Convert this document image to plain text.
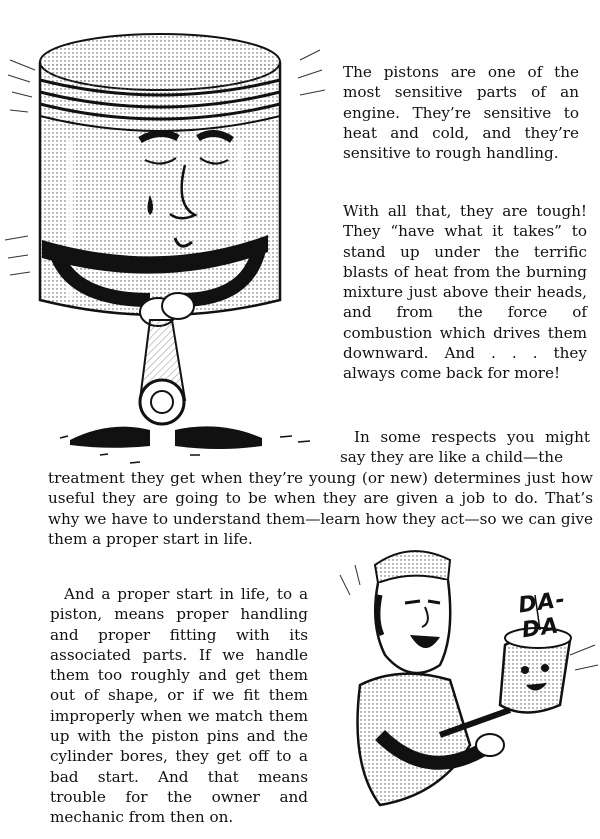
DA-DA

The pistons are one of the most sensitive parts of an engine. They’re sensitive to heat and cold, and they’re sensitive to rough handling.

With all that, they are tough! They “have what it takes” to stand up under the terrific blasts of heat from the burning mixture just above their heads, and from the force of combustion which drives them downward. And . . . they always come back for more!

In some respects you might say they are like a child—the

treatment they get when they’re young (or new) determines just how useful they are going to be when they are given a job to do. That’s why we have to understand them—learn how they act—so we can give them a proper start in life.

And a proper start in life, to a piston, means proper handling and proper fitting with its associated parts. If we handle them too roughly and get them out of shape, or if we fit them improperly when we match them up with the piston pins and the cylinder bores, they get off to a bad start. And that means trouble for the owner and mechanic from then on.
